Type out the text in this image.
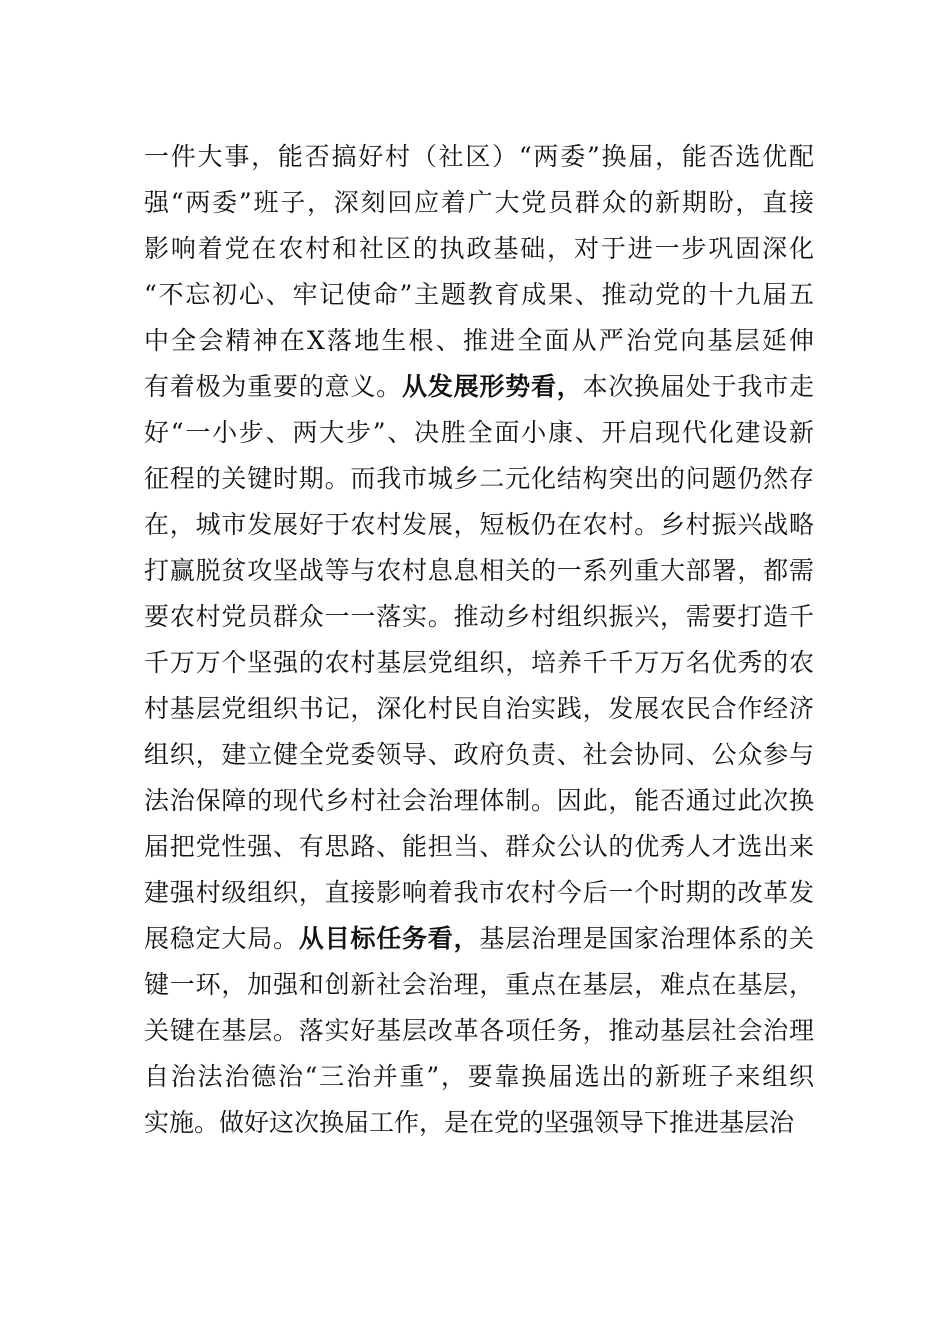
一件大事，能否搞好村（社区）“两委”换届，能否选优配
强“两委”班子，深刻回应着广大党员群众的新期盼，直接
影响着党在农村和社区的执政基础，对于进一步巩固深化
“不忘初心、牢记使命”主题教育成果、推动党的十九届五
中全会精神在X落地生根、推进全面从严治党向基层延伸
有着极为重要的意义。从发展形势看，本次换届处于我市走
好“一小步、两大步”、决胜全面小康、开启现代化建设新
征程的关键时期。而我市城乡二元化结构突出的问题仍然存
在，城市发展好于农村发展，短板仍在农村。乡村振兴战略
打赢脱贫攻坚战等与农村息息相关的一系列重大部署，都需
要农村党员群众一一落实。推动乡村组织振兴，需要打造千
千万万个坚强的农村基层党组织，培养千千万万名优秀的农
村基层党组织书记，深化村民自治实践，发展农民合作经济
组织，建立健全党委领导、政府负责、社会协同、公众参与
法治保障的现代乡村社会治理体制。因此，能否通过此次换
届把党性强、有思路、能担当、群众公认的优秀人才选出来
建强村级组织，直接影响着我市农村今后一个时期的改革发
展稳定大局。从目标任务看，基层治理是国家治理体系的关
键一环，加强和创新社会治理，重点在基层，难点在基层，
关键在基层。落实好基层改革各项任务，推动基层社会治理
自治法治德治“三治并重”，要靠换届选出的新班子来组织
实施。做好这次换届工作，是在党的坚强领导下推进基层治
